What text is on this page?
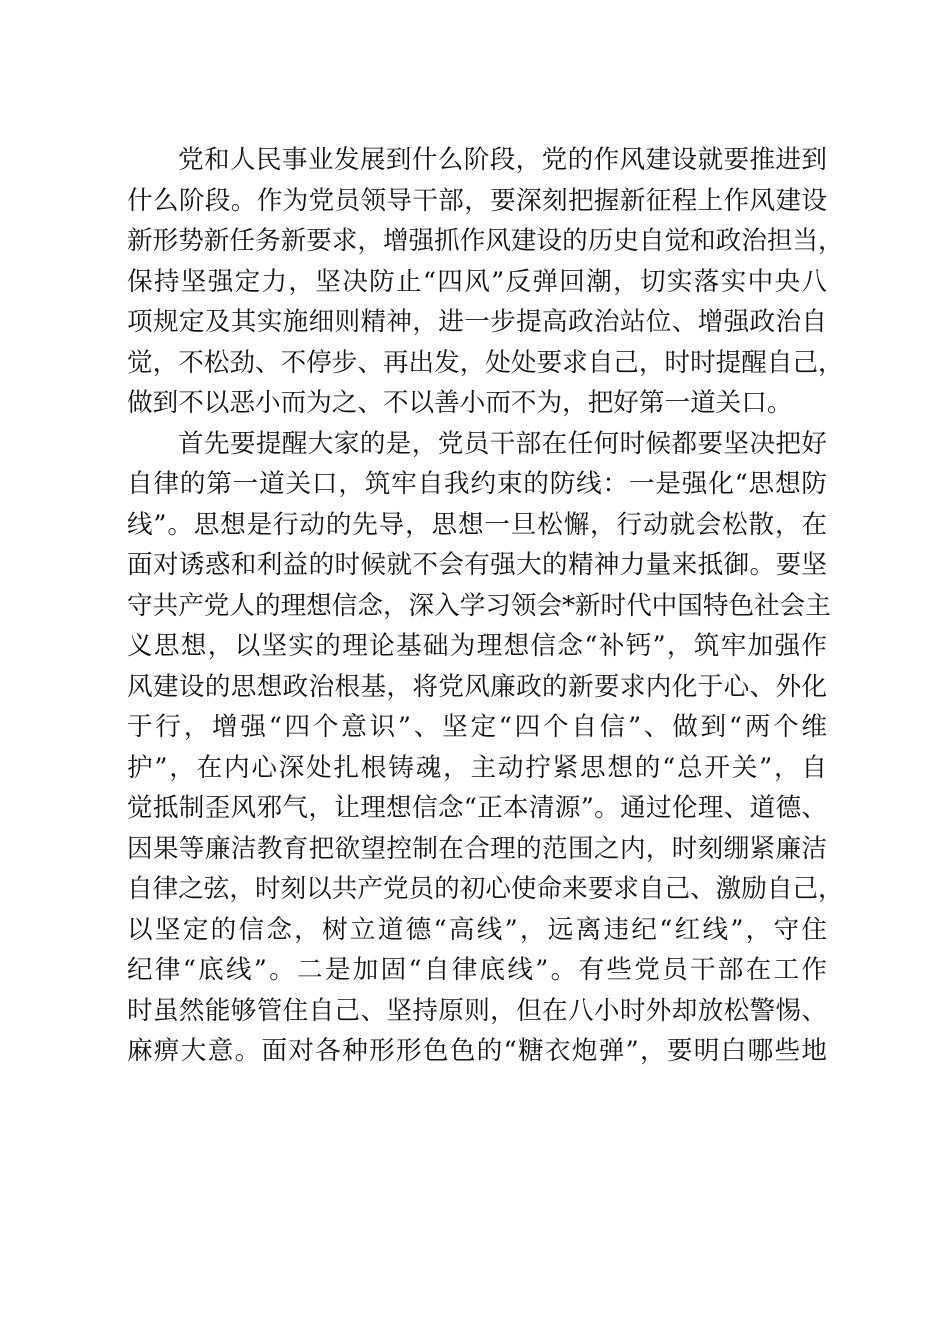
党和人民事业发展到什么阶段，党的作风建设就要推进到
什么阶段。作为党员领导干部，要深刻把握新征程上作风建设
新形势新任务新要求，增强抓作风建设的历史自觉和政治担当，
保持坚强定力，坚决防止“四风”反弹回潮，切实落实中央八
项规定及其实施细则精神，进一步提高政治站位、增强政治自
觉，不松劲、不停步、再出发，处处要求自己，时时提醒自己，
做到不以恶小而为之、不以善小而不为，把好第一道关口。
首先要提醒大家的是，党员干部在任何时候都要坚决把好
自律的第一道关口，筑牢自我约束的防线：一是强化“思想防
线”。思想是行动的先导，思想一旦松懈，行动就会松散，在
面对诱惑和利益的时候就不会有强大的精神力量来抵御。要坚
守共产党人的理想信念，深入学习领会*新时代中国特色社会主
义思想，以坚实的理论基础为理想信念“补钙”，筑牢加强作
风建设的思想政治根基，将党风廉政的新要求内化于心、外化
于行，增强“四个意识”、坚定“四个自信”、做到“两个维
护”，在内心深处扎根铸魂，主动拧紧思想的“总开关”，自
觉抵制歪风邪气，让理想信念“正本清源”。通过伦理、道德、
因果等廉洁教育把欲望控制在合理的范围之内，时刻绷紧廉洁
自律之弦，时刻以共产党员的初心使命来要求自己、激励自己，
以坚定的信念，树立道德“高线”，远离违纪“红线”，守住
纪律“底线”。二是加固“自律底线”。有些党员干部在工作
时虽然能够管住自己、坚持原则，但在八小时外却放松警惕、
麻痹大意。面对各种形形色色的“糖衣炮弹”，要明白哪些地
